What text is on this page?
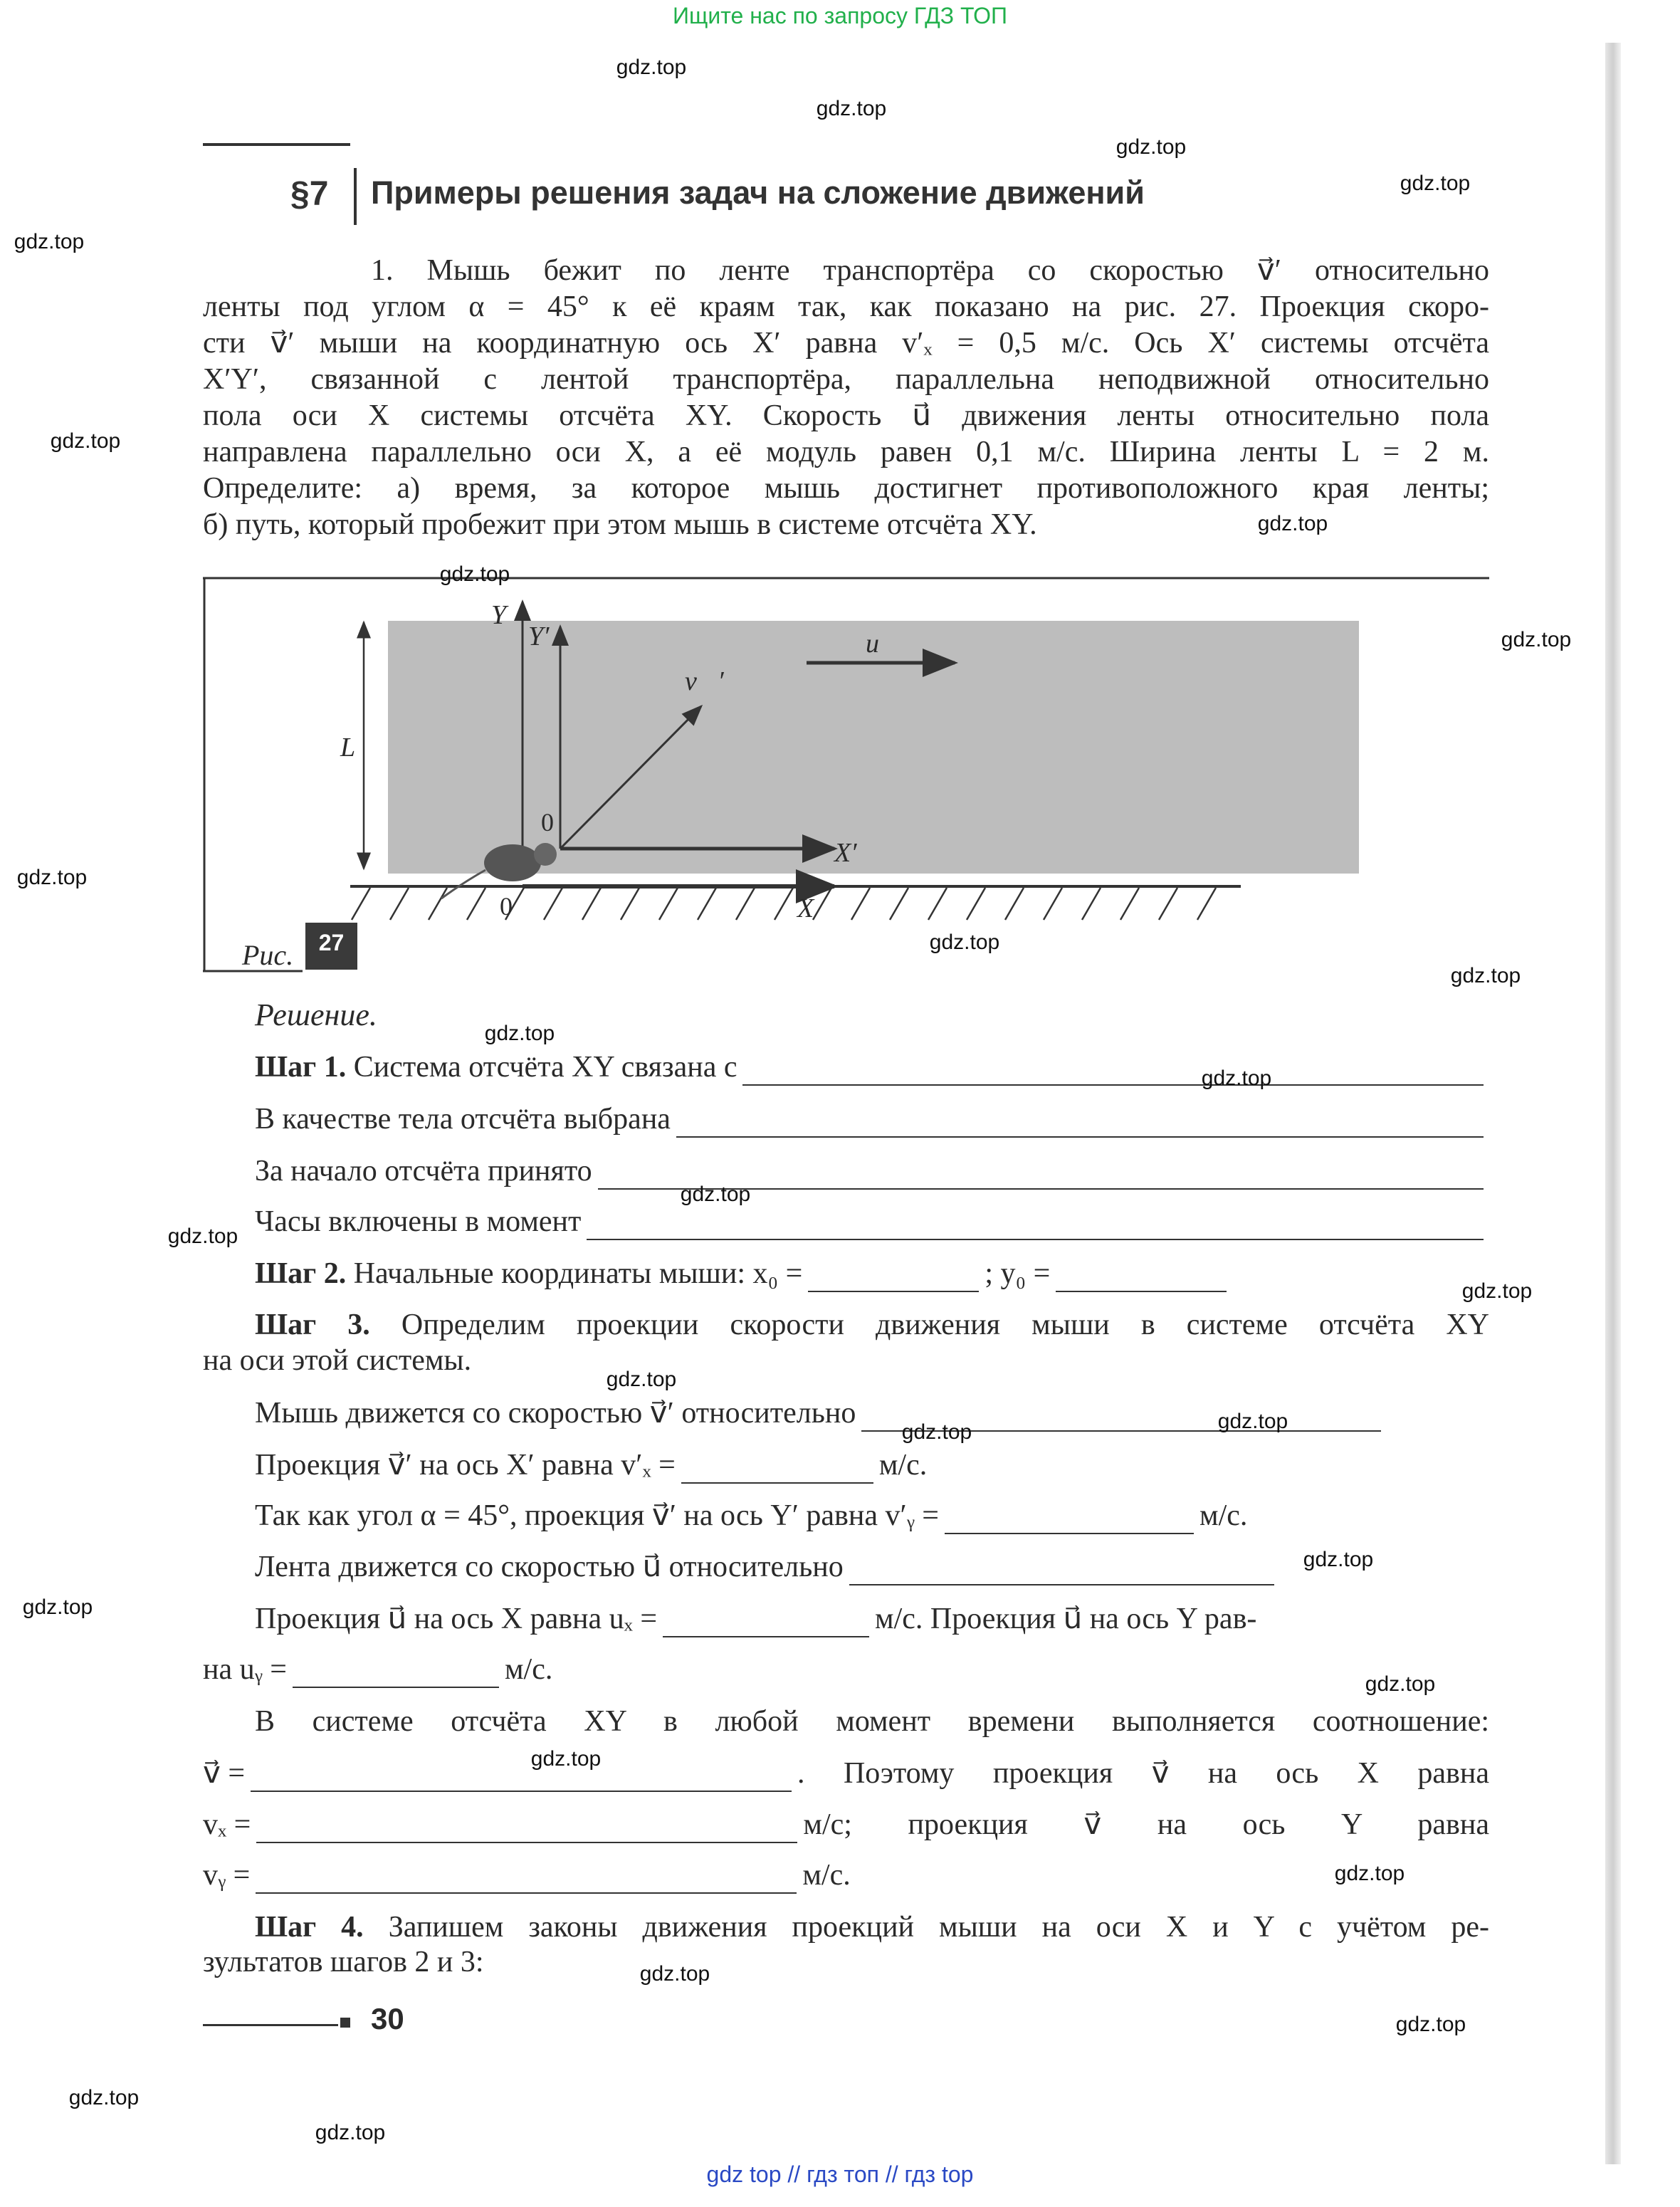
Ищите нас по запросу ГДЗ ТОП
§7 Примеры решения задач на сложение движений
1. Мышь бежит по ленте транспортёра со скоростью v⃗′ относительно
ленты под углом α = 45° к её краям так, как показано на рис. 27. Проекция скоро-
сти v⃗′ мыши на координатную ось X′ равна v′ₓ = 0,5 м/с. Ось X′ системы отсчёта
X′Y′, связанной с лентой транспортёра, параллельна неподвижной относительно
пола оси X системы отсчёта XY. Скорость u⃗ движения ленты относительно пола
направлена параллельно оси X, а её модуль равен 0,1 м/с. Ширина ленты L = 2 м.
Определите: а) время, за которое мышь достигнет противоположного края ленты;
б) путь, который пробежит при этом мышь в системе отсчёта XY.
Y
Y′
L
u⃗
v⃗′
X′
X
0
0
Рис.	27
Решение.
Шаг 1.
Система отсчёта XY связана с
В качестве тела отсчёта выбрана
За начало отсчёта принято
Часы включены в момент
Шаг 2.
Начальные координаты мыши: x₀ =	; y₀ =
Шаг 3. Определим проекции скорости движения мыши в системе отсчёта XY
на оси этой системы.
Мышь движется со скоростью v⃗′ относительно
Проекция v⃗′ на ось X′ равна v′ₓ =	м/с.
Так как угол α = 45°, проекция v⃗′ на ось Y′ равна v′ᵧ =	м/с.
Лента движется со скоростью u⃗ относительно
Проекция u⃗ на ось X равна uₓ =	м/с. Проекция u⃗ на ось Y рав-
на uᵧ =	м/с.
В системе отсчёта XY в любой момент времени выполняется соотношение:
v⃗ =	. Поэтому проекция v⃗ на ось X равна
vₓ =	м/с; проекция v⃗ на ось Y равна
vᵧ =	м/с.
Шаг 4. Запишем законы движения проекций мыши на оси X и Y с учётом ре-
зультатов шагов 2 и 3:
30
gdz.top
gdz.top
gdz.top
gdz.top
gdz.top
gdz.top
gdz.top
gdz.top
gdz.top
gdz.top
gdz.top
gdz.top
gdz.top
gdz.top
gdz.top
gdz.top
gdz.top
gdz.top
gdz.top
gdz.top
gdz.top
gdz.top
gdz.top
gdz.top
gdz.top
gdz.top
gdz.top
gdz.top
gdz.top
gdz top // гдз топ // гдз top
